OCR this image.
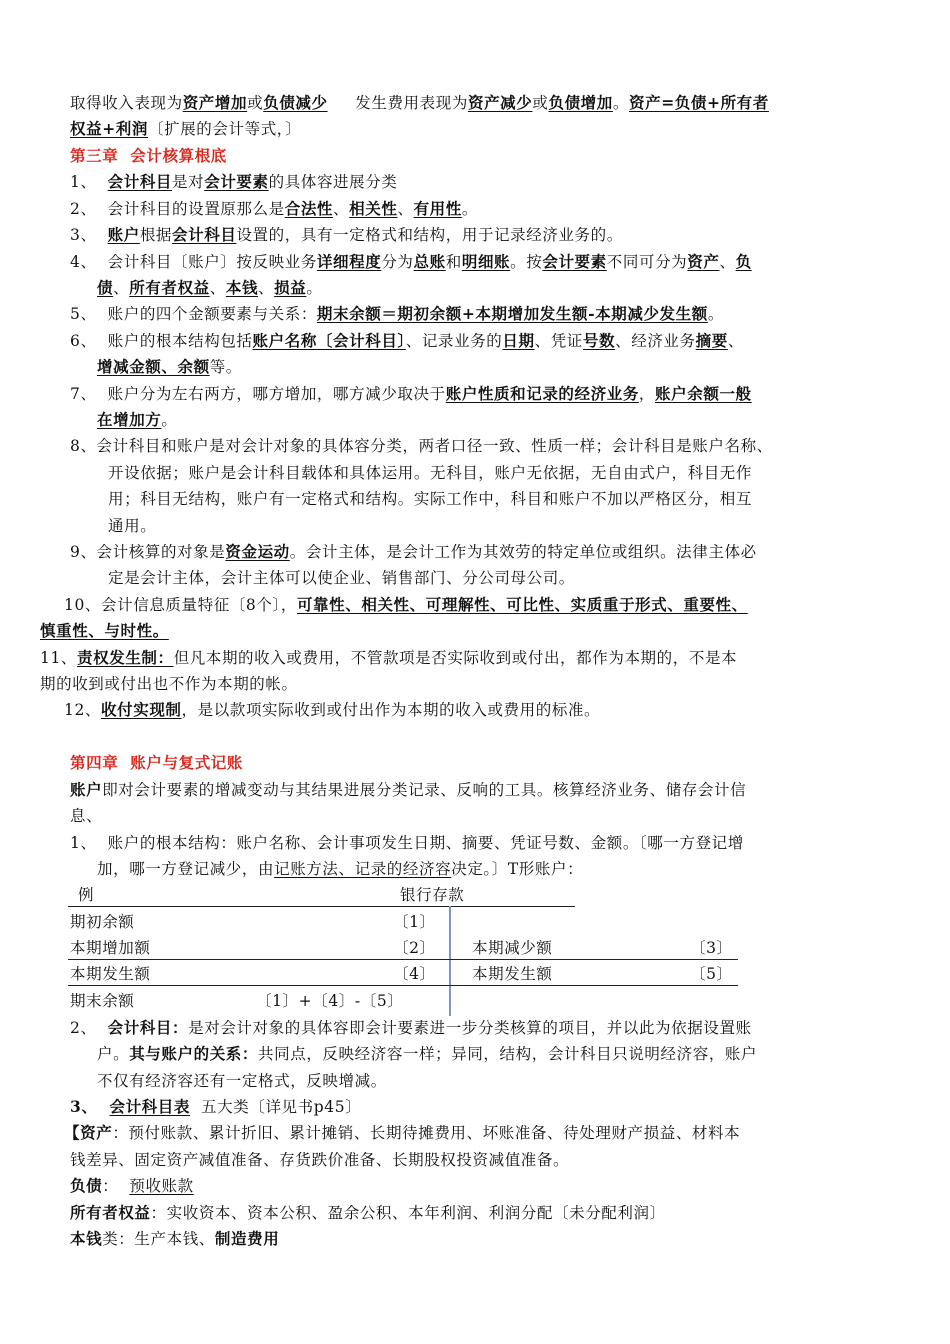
取得收入表现为资产增加或负债减少     发生费用表现为资产减少或负债增加。资产=负债+所有者
权益+利润〔扩展的会计等式，〕
第三章  会计核算根底
1、  会计科目是对会计要素的具体容进展分类
2、  会计科目的设置原那么是合法性、相关性、有用性。
3、  账户根据会计科目设置的，具有一定格式和结构，用于记录经济业务的。
4、  会计科目〔账户〕按反映业务详细程度分为总账和明细账。按会计要素不同可分为资产、负
债、所有者权益、本钱、损益。
5、  账户的四个金额要素与关系：期末余额＝期初余额+本期增加发生额-本期减少发生额。
6、  账户的根本结构包括账户名称〔会计科目〕、记录业务的日期、凭证号数、经济业务摘要、
增减金额、余额等。
7、  账户分为左右两方，哪方增加，哪方减少取决于账户性质和记录的经济业务，账户余额一般
在增加方。
8、会计科目和账户是对会计对象的具体容分类，两者口径一致、性质一样；会计科目是账户名称、
开设依据；账户是会计科目载体和具体运用。无科目，账户无依据，无自由式户，科目无作
用；科目无结构，账户有一定格式和结构。实际工作中，科目和账户不加以严格区分，相互
通用。
9、会计核算的对象是资金运动。会计主体，是会计工作为其效劳的特定单位或组织。法律主体必
定是会计主体，会计主体可以使企业、销售部门、分公司母公司。
10、会计信息质量特征〔8个〕，可靠性、相关性、可理解性、可比性、实质重于形式、重要性、
慎重性、与时性。
11、责权发生制：但凡本期的收入或费用，不管款项是否实际收到或付出，都作为本期的，不是本
期的收到或付出也不作为本期的帐。
12、收付实现制，是以款项实际收到或付出作为本期的收入或费用的标准。
第四章  账户与复式记账
账户即对会计要素的增减变动与其结果进展分类记录、反响的工具。核算经济业务、储存会计信
息、
1、  账户的根本结构：账户名称、会计事项发生日期、摘要、凭证号数、金额。〔哪一方登记增
加，哪一方登记减少，由记账方法、记录的经济容决定。〕T形账户：
例	银行存款
期初余额	〔1〕
本期增加额	〔2〕 本期减少额	〔3〕
本期发生额	〔4〕 本期发生额	〔5〕
期末余额	〔1〕+〔4〕-〔5〕
2、  会计科目：是对会计对象的具体容即会计要素进一步分类核算的项目，并以此为依据设置账
户。其与账户的关系：共同点，反映经济容一样；异同，结构，会计科目只说明经济容，账户
不仅有经济容还有一定格式，反映增减。
3、  会计科目表  五大类〔详见书p45〕
【资产：预付账款、累计折旧、累计摊销、长期待摊费用、坏账准备、待处理财产损益、材料本
钱差异、固定资产减值准备、存货跌价准备、长期股权投资减值准备。
负债：  预收账款
所有者权益：实收资本、资本公积、盈余公积、本年利润、利润分配〔未分配利润〕
本钱类：生产本钱、制造费用
